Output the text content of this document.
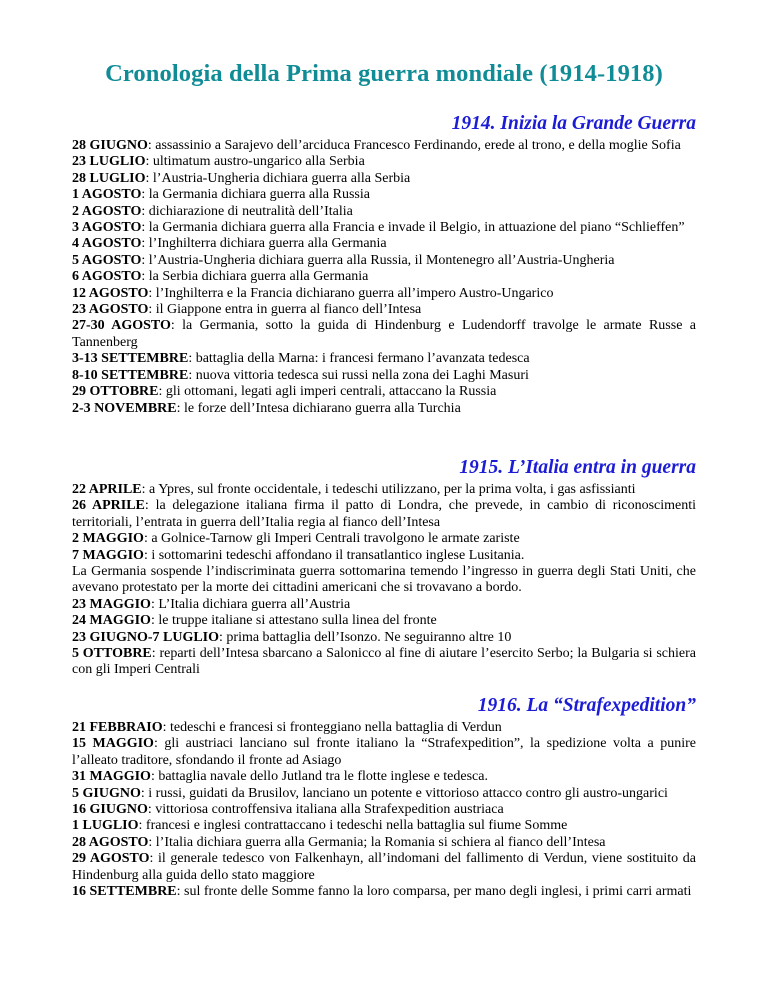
Cronologia della Prima guerra mondiale (1914-1918)
1914. Inizia la Grande Guerra
28 GIUGNO: assassinio a Sarajevo dell’arciduca Francesco Ferdinando, erede al trono, e della moglie Sofia
23 LUGLIO: ultimatum austro-ungarico alla Serbia
28 LUGLIO: l’Austria-Ungheria dichiara guerra alla Serbia
1 AGOSTO: la Germania dichiara guerra alla Russia
2 AGOSTO: dichiarazione di neutralità dell’Italia
3 AGOSTO: la Germania dichiara guerra alla Francia e invade il Belgio, in attuazione del piano “Schlieffen”
4 AGOSTO: l’Inghilterra dichiara guerra alla Germania
5 AGOSTO: l’Austria-Ungheria dichiara guerra alla Russia, il Montenegro all’Austria-Ungheria
6 AGOSTO: la Serbia dichiara guerra alla Germania
12 AGOSTO: l’Inghilterra e la Francia dichiarano guerra all’impero Austro-Ungarico
23 AGOSTO: il Giappone entra in guerra al fianco dell’Intesa
27-30 AGOSTO: la Germania, sotto la guida di Hindenburg e Ludendorff travolge le armate Russe a Tannenberg
3-13 SETTEMBRE: battaglia della Marna: i francesi fermano l’avanzata tedesca
8-10 SETTEMBRE: nuova vittoria tedesca sui russi nella zona dei Laghi Masuri
29 OTTOBRE: gli ottomani, legati agli imperi centrali, attaccano la Russia
2-3 NOVEMBRE: le forze dell’Intesa dichiarano guerra alla Turchia
1915. L’Italia entra in guerra
22 APRILE: a Ypres, sul fronte occidentale, i tedeschi utilizzano, per la prima volta, i gas asfissianti
26 APRILE: la delegazione italiana firma il patto di Londra, che prevede, in cambio di riconoscimenti territoriali, l’entrata in guerra dell’Italia regia al fianco dell’Intesa
2 MAGGIO: a Golnice-Tarnow gli Imperi Centrali travolgono le armate zariste
7 MAGGIO: i sottomarini tedeschi affondano il transatlantico inglese Lusitania.
La Germania sospende l’indiscriminata guerra sottomarina temendo l’ingresso in guerra degli Stati Uniti, che avevano protestato per la morte dei cittadini americani che si trovavano a bordo.
23 MAGGIO: L’Italia dichiara guerra all’Austria
24 MAGGIO: le truppe italiane si attestano sulla linea del fronte
23 GIUGNO-7 LUGLIO: prima battaglia dell’Isonzo. Ne seguiranno altre 10
5 OTTOBRE: reparti dell’Intesa sbarcano a Salonicco al fine di aiutare l’esercito Serbo; la Bulgaria si schiera con gli Imperi Centrali
1916. La “Strafexpedition”
21 FEBBRAIO: tedeschi e francesi si fronteggiano nella battaglia di Verdun
15 MAGGIO: gli austriaci lanciano sul fronte italiano la “Strafexpedition”, la spedizione volta a punire l’alleato traditore, sfondando il fronte ad Asiago
31 MAGGIO: battaglia navale dello Jutland tra le flotte inglese e tedesca.
5 GIUGNO: i russi, guidati da Brusilov, lanciano un potente e vittorioso attacco contro gli austro-ungarici
16 GIUGNO: vittoriosa controffensiva italiana alla Strafexpedition austriaca
1 LUGLIO: francesi e inglesi contrattaccano i tedeschi nella battaglia sul fiume Somme
28 AGOSTO: l’Italia dichiara guerra alla Germania; la Romania si schiera al fianco dell’Intesa
29 AGOSTO: il generale tedesco von Falkenhayn, all’indomani del fallimento di Verdun, viene sostituito da Hindenburg alla guida dello stato maggiore
16 SETTEMBRE: sul fronte delle Somme fanno la loro comparsa, per mano degli inglesi, i primi carri armati
